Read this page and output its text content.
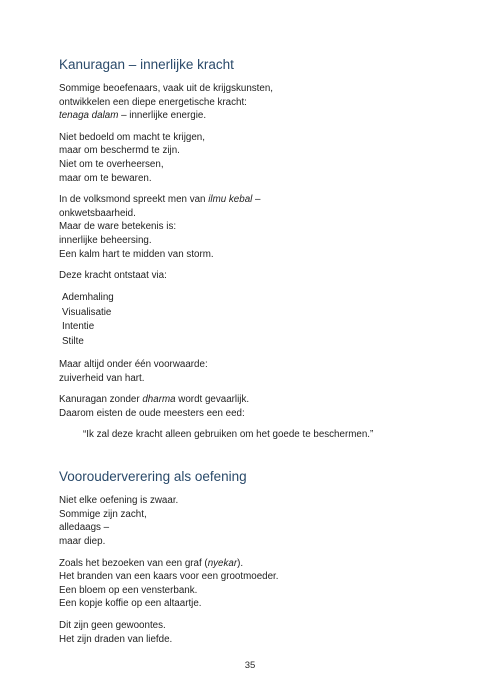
Kanuragan – innerlijke kracht

Sommige beoefenaars, vaak uit de krijgskunsten,
ontwikkelen een diepe energetische kracht:
tenaga dalam – innerlijke energie.

Niet bedoeld om macht te krijgen,
maar om beschermd te zijn.
Niet om te overheersen,
maar om te bewaren.

In de volksmond spreekt men van ilmu kebal –
onkwetsbaarheid.
Maar de ware betekenis is:
innerlijke beheersing.
Een kalm hart te midden van storm.

Deze kracht ontstaat via:

Ademhaling
Visualisatie
Intentie
Stilte

Maar altijd onder één voorwaarde:
zuiverheid van hart.

Kanuragan zonder dharma wordt gevaarlijk.
Daarom eisten de oude meesters een eed:

“Ik zal deze kracht alleen gebruiken om het goede te beschermen.”

Voorouderverering als oefening

Niet elke oefening is zwaar.
Sommige zijn zacht,
alledaags –
maar diep.

Zoals het bezoeken van een graf (nyekar).
Het branden van een kaars voor een grootmoeder.
Een bloem op een vensterbank.
Een kopje koffie op een altaartje.

Dit zijn geen gewoontes.
Het zijn draden van liefde.

35
